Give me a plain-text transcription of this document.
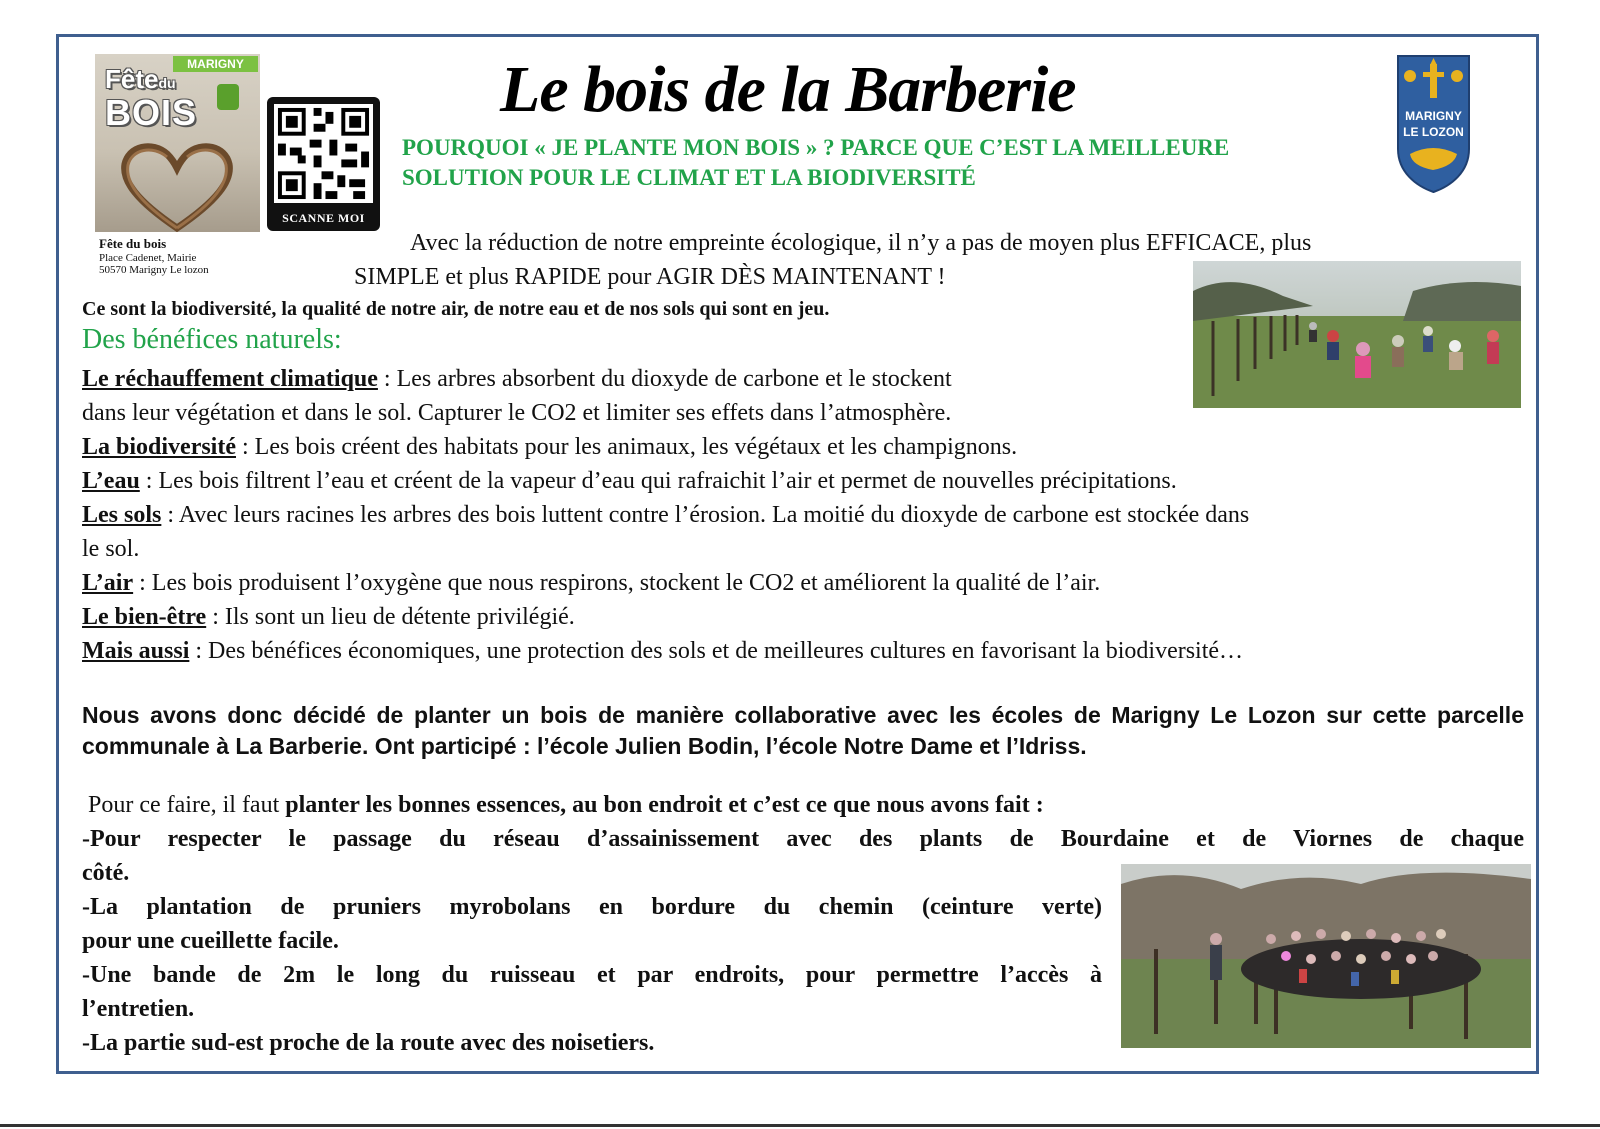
MARIGNY
Fêtedu
BOIS
SCANNE MOI
Fête du bois
Place Cadenet, Mairie
50570 Marigny Le lozon
Le bois de la Barberie
POURQUOI « JE PLANTE MON BOIS » ? PARCE QUE C’EST LA MEILLEURE
SOLUTION POUR LE CLIMAT ET LA BIODIVERSITÉ
MARIGNY
LE LOZON
Avec la réduction de notre empreinte écologique, il n’y a pas de moyen plus EFFICACE, plus
SIMPLE et plus RAPIDE pour AGIR DÈS MAINTENANT !
Ce sont la biodiversité, la qualité de notre air, de notre eau et de nos sols qui sont en jeu.
Des bénéfices naturels:
Le réchauffement climatique : Les arbres absorbent du dioxyde de carbone et le stockent
dans leur végétation et dans le sol. Capturer le CO2 et limiter ses effets dans l’atmosphère.
La biodiversité : Les bois créent des habitats pour les animaux, les végétaux et les champignons.
L’eau : Les bois filtrent l’eau et créent de la vapeur d’eau qui rafraichit l’air et permet de nouvelles précipitations.
Les sols : Avec leurs racines les arbres des bois luttent contre l’érosion. La moitié du dioxyde de carbone est stockée dans
le sol.
L’air : Les bois produisent l’oxygène que nous respirons, stockent le CO2 et améliorent la qualité de l’air.
Le bien-être : Ils sont un lieu de détente privilégié.
Mais aussi : Des bénéfices économiques, une protection des sols et de meilleures cultures en favorisant la biodiversité…
Nous avons donc décidé de planter un bois de manière collaborative avec les écoles de Marigny Le Lozon sur cette parcelle communale à La Barberie. Ont participé : l’école Julien Bodin, l’école Notre Dame et l’Idriss.
Pour ce faire, il faut planter les bonnes essences, au bon endroit et c’est ce que nous avons fait :
-Pour respecter le passage du réseau d’assainissement avec des plants de Bourdaine et de Viornes de chaque
côté.
-La plantation de pruniers myrobolans en bordure du chemin (ceinture verte)
pour une cueillette facile.
-Une bande de 2m le long du ruisseau et par endroits, pour permettre l’accès à
l’entretien.
-La partie sud-est proche de la route avec des noisetiers.
